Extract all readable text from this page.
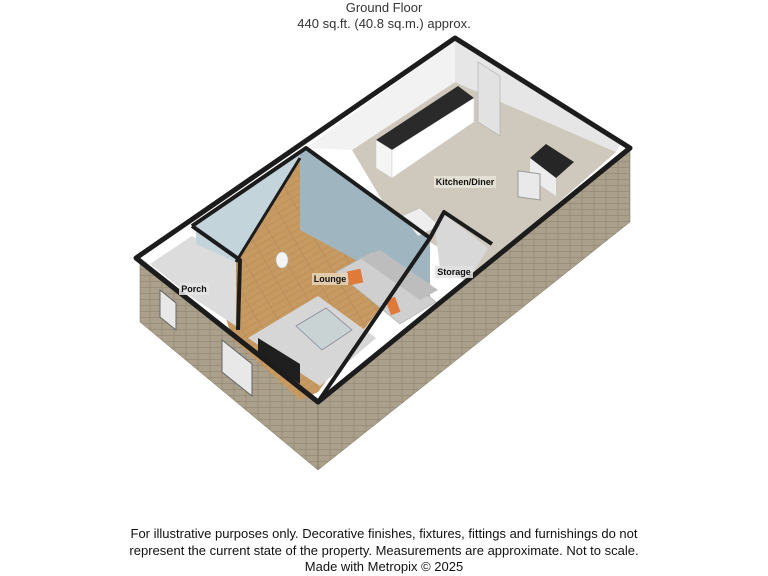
Ground Floor
440 sq.ft. (40.8 sq.m.) approx.
Kitchen/Diner
Lounge
Porch
Storage
For illustrative purposes only. Decorative finishes, fixtures, fittings and furnishings do not
represent the current state of the property. Measurements are approximate. Not to scale.
Made with Metropix © 2025
